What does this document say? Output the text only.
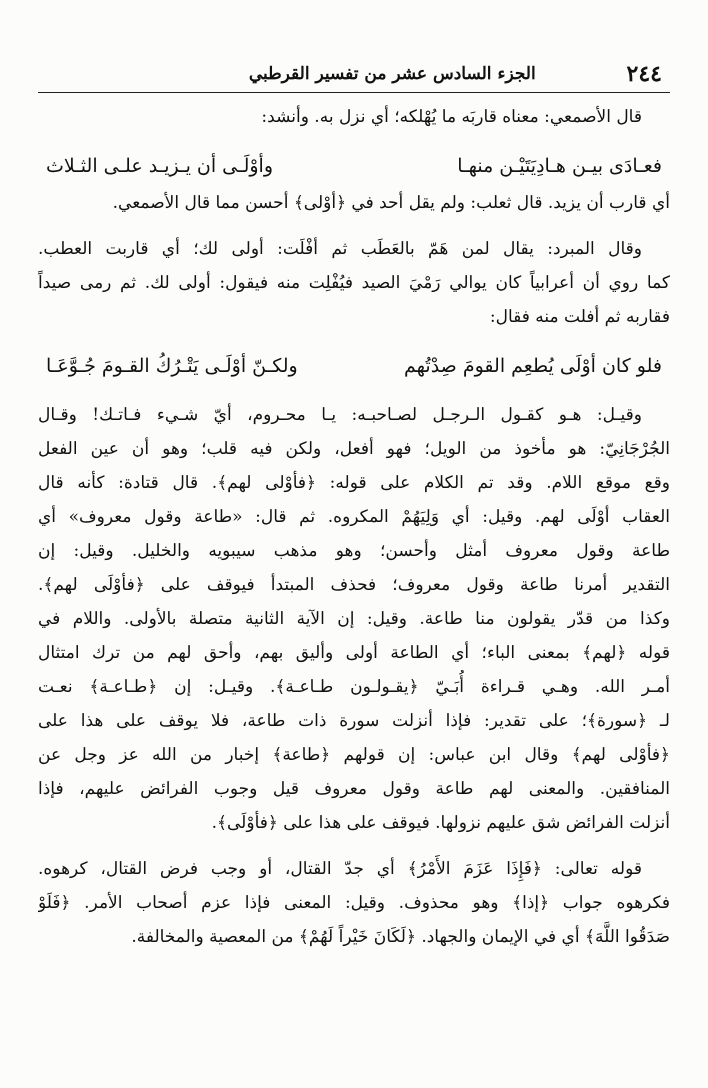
٢٤٤
الجزء السادس عشر من تفسير القرطبي

قال الأصمعي: معناه قاربَه ما يُهْلكه؛ أي نزل به. وأنشد:

فعـادَى بيـن هـادِيَتَيْـن منهـا
وأوْلَـى أن يـزيـد علـى الثـلاث

أي قارب أن يزيد. قال ثعلب: ولم يقل أحد في ﴿أوْلى﴾ أحسن مما قال الأصمعي.

وقال المبرد: يقال لمن هَمّ بالعَطَب ثم أفْلَت: أولى لك؛ أي قاربت العطب.

كما روي أن أعرابياً كان يوالي رَمْيَ الصيد فيُفْلِت منه فيقول: أولى لك. ثم رمى صيداً

فقاربه ثم أفلت منه فقال:

فلو كان أوْلَى يُطعِم القومَ صِدْتُهم
ولكـنّ أوْلَـى يَتْـرُكُ القـومَ جُـوَّعَـا

وقيـل: هـو كقـول الـرجـل لصـاحبـه: يـا محـروم، أيّ شـيء فـاتـك! وقـال

الجُرْجَانِيّ: هو مأخوذ من الويل؛ فهو أفعل، ولكن فيه قلب؛ وهو أن عين الفعل

وقع موقع اللام. وقد تم الكلام على قوله: ﴿فأوْلى لهم﴾. قال قتادة: كأنه قال

العقاب أوْلَى لهم. وقيل: أي وَلِيَهُمْ المكروه. ثم قال: «طاعة وقول معروف» أي

طاعة وقول معروف أمثل وأحسن؛ وهو مذهب سيبويه والخليل. وقيل: إن

التقدير أمرنا طاعة وقول معروف؛ فحذف المبتدأ فيوقف على ﴿فأوْلَى لهم﴾.

وكذا من قدّر يقولون منا طاعة. وقيل: إن الآية الثانية متصلة بالأولى. واللام في

قوله ﴿لهم﴾ بمعنى الباء؛ أي الطاعة أولى وأليق بهم، وأحق لهم من ترك امتثال

أمـر الله. وهـي قـراءة أُبَـيّ ﴿يقـولـون طـاعـة﴾. وقيـل: إن ﴿طـاعـة﴾ نعـت

لـ ﴿سورة﴾؛ على تقدير: فإذا أنزلت سورة ذات طاعة، فلا يوقف على هذا على

﴿فأوْلى لهم﴾ وقال ابن عباس: إن قولهم ﴿طاعة﴾ إخبار من الله عز وجل عن

المنافقين. والمعنى لهم طاعة وقول معروف قيل وجوب الفرائض عليهم، فإذا

أنزلت الفرائض شق عليهم نزولها. فيوقف على هذا على ﴿فأوْلَى﴾.

قوله تعالى: ﴿فَإِذَا عَزَمَ الأَمْرُ﴾ أي جدّ القتال، أو وجب فرض القتال، كرهوه.

فكرهوه جواب ﴿إذا﴾ وهو محذوف. وقيل: المعنى فإذا عزم أصحاب الأمر. ﴿فَلَوْ

صَدَقُوا اللَّهَ﴾ أي في الإيمان والجهاد. ﴿لَكَانَ خَيْراً لَهُمْ﴾ من المعصية والمخالفة.
